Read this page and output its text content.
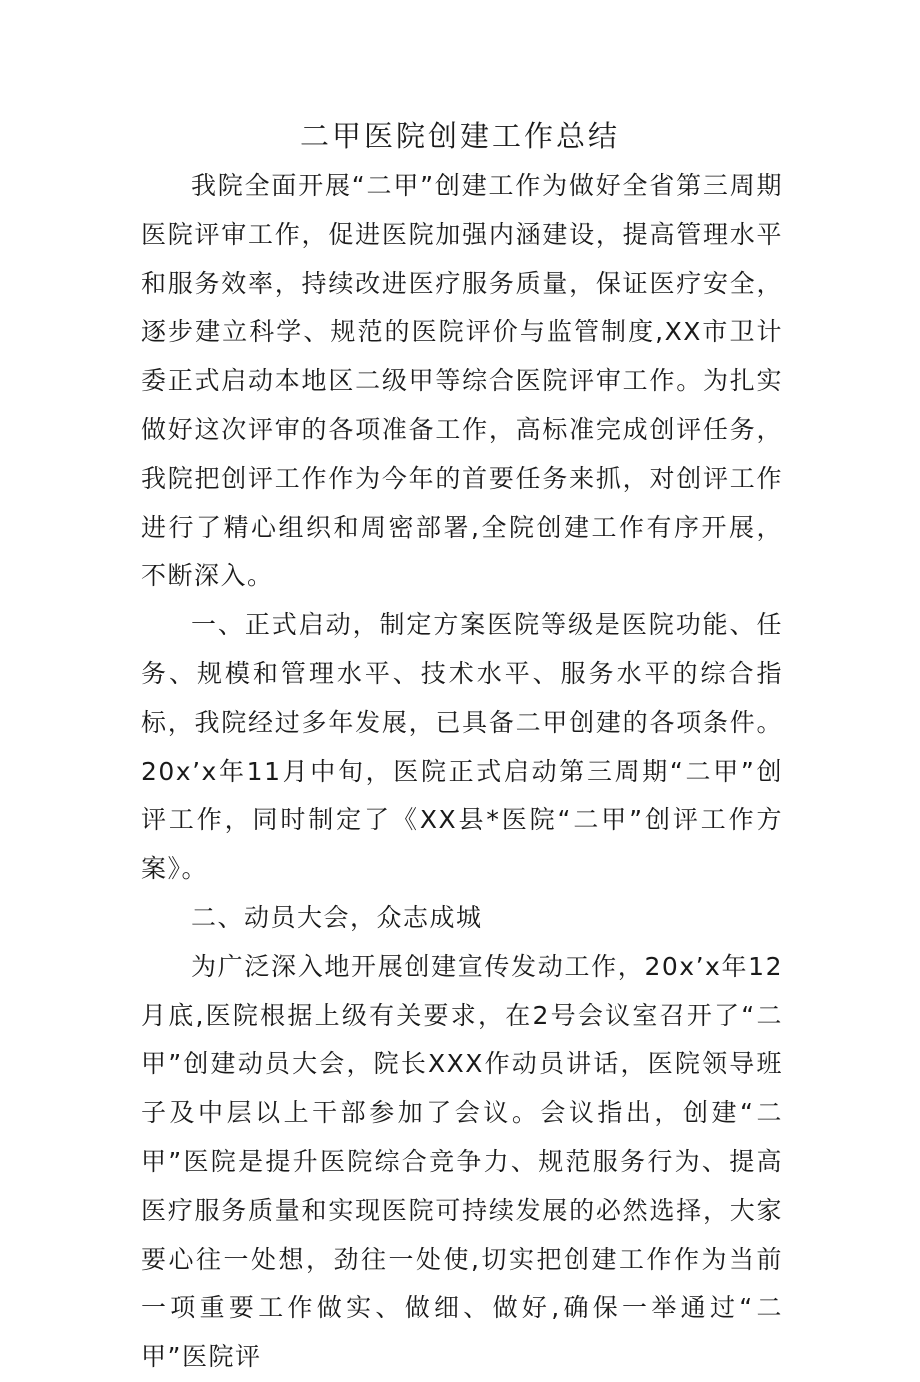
二甲医院创建工作总结

我院全面开展“二甲”创建工作为做好全省第三周期医院评审工作，促进医院加强内涵建设，提高管理水平和服务效率，持续改进医疗服务质量，保证医疗安全，逐步建立科学、规范的医院评价与监管制度,XX市卫计委正式启动本地区二级甲等综合医院评审工作。为扎实做好这次评审的各项准备工作，高标准完成创评任务，我院把创评工作作为今年的首要任务来抓，对创评工作进行了精心组织和周密部署,全院创建工作有序开展，不断深入。

一、正式启动，制定方案医院等级是医院功能、任务、规模和管理水平、技术水平、服务水平的综合指标，我院经过多年发展，已具备二甲创建的各项条件。20x’x年11月中旬，医院正式启动第三周期“二甲”创评工作，同时制定了《XX县*医院“二甲”创评工作方案》。

二、动员大会，众志成城

为广泛深入地开展创建宣传发动工作，20x’x年12月底,医院根据上级有关要求，在2号会议室召开了“二甲”创建动员大会，院长XXX作动员讲话，医院领导班子及中层以上干部参加了会议。会议指出，创建“二甲”医院是提升医院综合竞争力、规范服务行为、提高医疗服务质量和实现医院可持续发展的必然选择，大家要心往一处想，劲往一处使,切实把创建工作作为当前一项重要工作做实、做细、做好,确保一举通过“二甲”医院评
